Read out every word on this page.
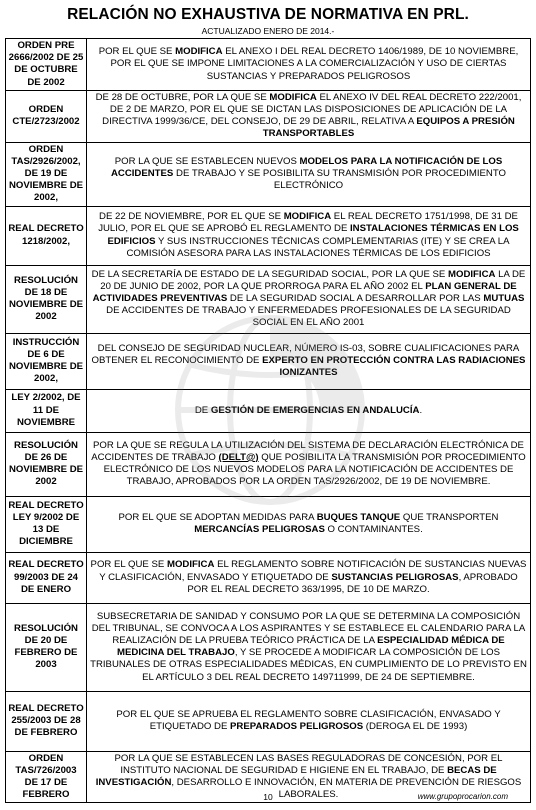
RELACIÓN NO EXHAUSTIVA DE NORMATIVA EN PRL.
ACTUALIZADO ENERO DE 2014.-
ORDEN PRE 2666/2002 DE 25 DE OCTUBRE DE 2002	POR EL QUE SE MODIFICA EL ANEXO I DEL REAL DECRETO 1406/1989, DE 10 NOVIEMBRE, POR EL QUE SE IMPONE LIMITACIONES A LA COMERCIALIZACIÓN Y USO DE CIERTAS SUSTANCIAS Y PREPARADOS PELIGROSOS
ORDEN CTE/2723/2002	DE 28 DE OCTUBRE, POR LA QUE SE MODIFICA EL ANEXO IV DEL REAL DECRETO 222/2001, DE 2 DE MARZO, POR EL QUE SE DICTAN LAS DISPOSICIONES DE APLICACIÓN DE LA DIRECTIVA 1999/36/CE, DEL CONSEJO, DE 29 DE ABRIL, RELATIVA A EQUIPOS A PRESIÓN TRANSPORTABLES
ORDEN TAS/2926/2002, DE 19 DE NOVIEMBRE DE 2002,	POR LA QUE SE ESTABLECEN NUEVOS MODELOS PARA LA NOTIFICACIÓN DE LOS ACCIDENTES DE TRABAJO Y SE POSIBILITA SU TRANSMISIÓN POR PROCEDIMIENTO ELECTRÓNICO
REAL DECRETO 1218/2002,	DE 22 DE NOVIEMBRE, POR EL QUE SE MODIFICA EL REAL DECRETO 1751/1998, DE 31 DE JULIO, POR EL QUE SE APROBÓ EL REGLAMENTO DE INSTALACIONES TÉRMICAS EN LOS EDIFICIOS Y SUS INSTRUCCIONES TÉCNICAS COMPLEMENTARIAS (ITE) Y SE CREA LA COMISIÓN ASESORA PARA LAS INSTALACIONES TÉRMICAS DE LOS EDIFICIOS
RESOLUCIÓN DE 18 DE NOVIEMBRE DE 2002	DE LA SECRETARÍA DE ESTADO DE LA SEGURIDAD SOCIAL, POR LA QUE SE MODIFICA LA DE 20 DE JUNIO DE 2002, POR LA QUE PRORROGA PARA EL AÑO 2002 EL PLAN GENERAL DE ACTIVIDADES PREVENTIVAS DE LA SEGURIDAD SOCIAL A DESARROLLAR POR LAS MUTUAS DE ACCIDENTES DE TRABAJO Y ENFERMEDADES PROFESIONALES DE LA SEGURIDAD SOCIAL EN EL AÑO 2001
INSTRUCCIÓN DE 6 DE NOVIEMBRE DE 2002,	DEL CONSEJO DE SEGURIDAD NUCLEAR, NÚMERO IS-03, SOBRE CUALIFICACIONES PARA OBTENER EL RECONOCIMIENTO DE EXPERTO EN PROTECCIÓN CONTRA LAS RADIACIONES IONIZANTES
LEY 2/2002, DE 11 DE NOVIEMBRE	DE GESTIÓN DE EMERGENCIAS EN ANDALUCÍA.
RESOLUCIÓN DE 26 DE NOVIEMBRE DE 2002	POR LA QUE SE REGULA LA UTILIZACIÓN DEL SISTEMA DE DECLARACIÓN ELECTRÓNICA DE ACCIDENTES DE TRABAJO (DELT@) QUE POSIBILITA LA TRANSMISIÓN POR PROCEDIMIENTO ELECTRÓNICO DE LOS NUEVOS MODELOS PARA LA NOTIFICACIÓN DE ACCIDENTES DE TRABAJO, APROBADOS POR LA ORDEN TAS/2926/2002, DE 19 DE NOVIEMBRE.
REAL DECRETO LEY 9/2002 DE 13 DE DICIEMBRE	POR EL QUE SE ADOPTAN MEDIDAS PARA BUQUES TANQUE QUE TRANSPORTEN MERCANCÍAS PELIGROSAS O CONTAMINANTES.
REAL DECRETO 99/2003 DE 24 DE ENERO	POR EL QUE SE MODIFICA EL REGLAMENTO SOBRE NOTIFICACIÓN DE SUSTANCIAS NUEVAS Y CLASIFICACIÓN, ENVASADO Y ETIQUETADO DE SUSTANCIAS PELIGROSAS, APROBADO POR EL REAL DECRETO 363/1995, DE 10 DE MARZO.
RESOLUCIÓN DE 20 DE FEBRERO DE 2003	SUBSECRETARIA DE SANIDAD Y CONSUMO POR LA QUE SE DETERMINA LA COMPOSICIÓN DEL TRIBUNAL, SE CONVOCA A LOS ASPIRANTES Y SE ESTABLECE EL CALENDARIO PARA LA REALIZACIÓN DE LA PRUEBA TEÓRICO PRÁCTICA DE LA ESPECIALIDAD MÉDICA DE MEDICINA DEL TRABAJO, Y SE PROCEDE A MODIFICAR LA COMPOSICIÓN DE LOS TRIBUNALES DE OTRAS ESPECIALIDADES MÉDICAS, EN CUMPLIMIENTO DE LO PREVISTO EN EL ARTÍCULO 3 DEL REAL DECRETO 149711999, DE 24 DE SEPTIEMBRE.
REAL DECRETO 255/2003 DE 28 DE FEBRERO	POR EL QUE SE APRUEBA EL REGLAMENTO SOBRE CLASIFICACIÓN, ENVASADO Y ETIQUETADO DE PREPARADOS PELIGROSOS (DEROGA EL DE 1993)
ORDEN TAS/726/2003 DE 17 DE FEBRERO	POR LA QUE SE ESTABLECEN LAS BASES REGULADORAS DE CONCESIÓN, POR EL INSTITUTO NACIONAL DE SEGURIDAD E HIGIENE EN EL TRABAJO, DE BECAS DE INVESTIGACIÓN, DESARROLLO E INNOVACIÓN, EN MATERIA DE PREVENCIÓN DE RIESGOS LABORALES.
10	www.grupoprocarion.com
